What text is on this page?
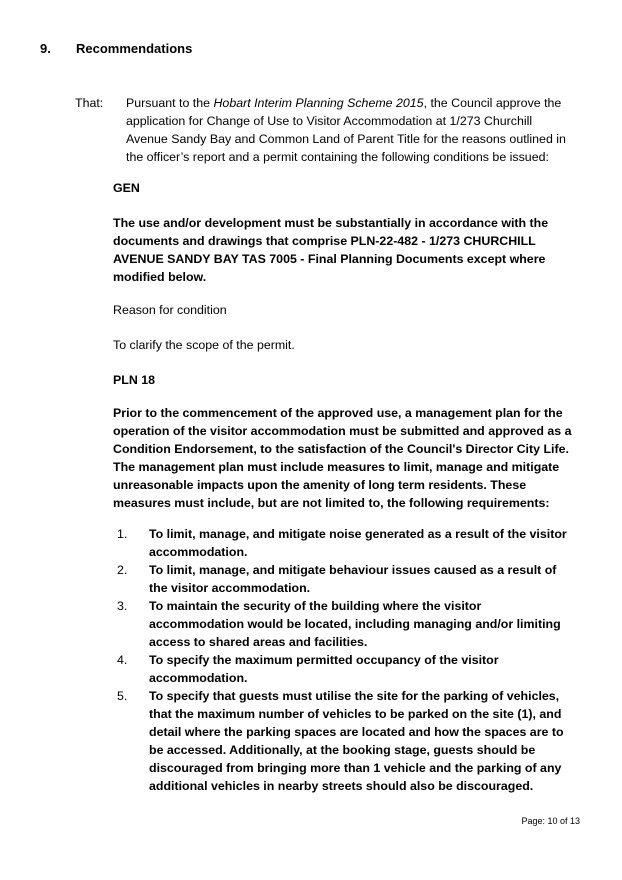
9. Recommendations
That: Pursuant to the Hobart Interim Planning Scheme 2015, the Council approve the application for Change of Use to Visitor Accommodation at 1/273 Churchill Avenue Sandy Bay and Common Land of Parent Title for the reasons outlined in the officer’s report and a permit containing the following conditions be issued:
GEN
The use and/or development must be substantially in accordance with the documents and drawings that comprise PLN-22-482 - 1/273 CHURCHILL AVENUE SANDY BAY TAS 7005 - Final Planning Documents except where modified below.
Reason for condition
To clarify the scope of the permit.
PLN 18
Prior to the commencement of the approved use, a management plan for the operation of the visitor accommodation must be submitted and approved as a Condition Endorsement, to the satisfaction of the Council's Director City Life. The management plan must include measures to limit, manage and mitigate unreasonable impacts upon the amenity of long term residents. These measures must include, but are not limited to, the following requirements:
1. To limit, manage, and mitigate noise generated as a result of the visitor accommodation.
2. To limit, manage, and mitigate behaviour issues caused as a result of the visitor accommodation.
3. To maintain the security of the building where the visitor accommodation would be located, including managing and/or limiting access to shared areas and facilities.
4. To specify the maximum permitted occupancy of the visitor accommodation.
5. To specify that guests must utilise the site for the parking of vehicles, that the maximum number of vehicles to be parked on the site (1), and detail where the parking spaces are located and how the spaces are to be accessed. Additionally, at the booking stage, guests should be discouraged from bringing more than 1 vehicle and the parking of any additional vehicles in nearby streets should also be discouraged.
Page: 10 of 13
